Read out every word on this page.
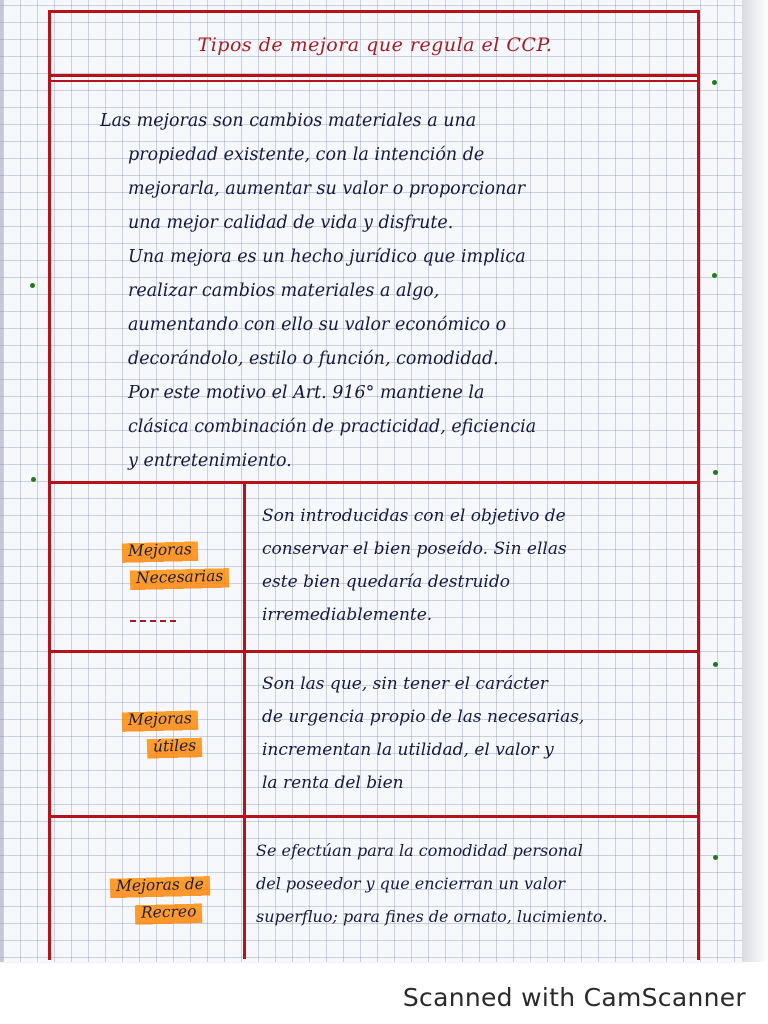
Tipos de mejora que regula el CCP.

Las mejoras son cambios materiales a una

propiedad existente, con la intención de

mejorarla, aumentar su valor o proporcionar

una mejor calidad de vida y disfrute.

Una mejora es un hecho jurídico que implica

realizar cambios materiales a algo,

aumentando con ello su valor económico o

decorándolo, estilo o función, comodidad.

Por este motivo el Art. 916° mantiene la

clásica combinación de practicidad, eficiencia

y entretenimiento.

Mejoras
Necesarias
Son introducidas con el objetivo de
conservar el bien poseído. Sin ellas
este bien quedaría destruido
irremediablemente.
Mejoras
útiles
Son las que, sin tener el carácter
de urgencia propio de las necesarias,
incrementan la utilidad, el valor y
la renta del bien
Mejoras de
Recreo
Se efectúan para la comodidad personal
del poseedor y que encierran un valor
superfluo; para fines de ornato, lucimiento.
Scanned with CamScanner
